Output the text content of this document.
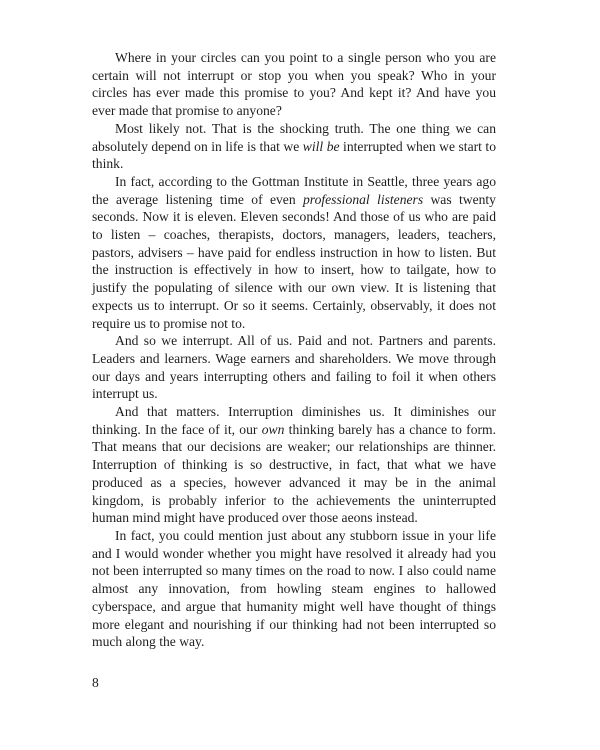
Where in your circles can you point to a single person who you are certain will not interrupt or stop you when you speak? Who in your circles has ever made this promise to you? And kept it? And have you ever made that promise to anyone?

Most likely not. That is the shocking truth. The one thing we can absolutely depend on in life is that we will be interrupted when we start to think.

In fact, according to the Gottman Institute in Seattle, three years ago the average listening time of even professional listeners was twenty seconds. Now it is eleven. Eleven seconds! And those of us who are paid to listen – coaches, therapists, doctors, managers, leaders, teachers, pastors, advisers – have paid for endless instruction in how to listen. But the instruction is effectively in how to insert, how to tailgate, how to justify the populating of silence with our own view. It is listening that expects us to interrupt. Or so it seems. Certainly, observably, it does not require us to promise not to.

And so we interrupt. All of us. Paid and not. Partners and parents. Leaders and learners. Wage earners and shareholders. We move through our days and years interrupting others and failing to foil it when others interrupt us.

And that matters. Interruption diminishes us. It diminishes our thinking. In the face of it, our own thinking barely has a chance to form. That means that our decisions are weaker; our relationships are thinner. Interruption of thinking is so destructive, in fact, that what we have produced as a species, however advanced it may be in the animal kingdom, is probably inferior to the achievements the uninterrupted human mind might have produced over those aeons instead.

In fact, you could mention just about any stubborn issue in your life and I would wonder whether you might have resolved it already had you not been interrupted so many times on the road to now. I also could name almost any innovation, from howling steam engines to hallowed cyberspace, and argue that humanity might well have thought of things more elegant and nourishing if our thinking had not been interrupted so much along the way.

8
